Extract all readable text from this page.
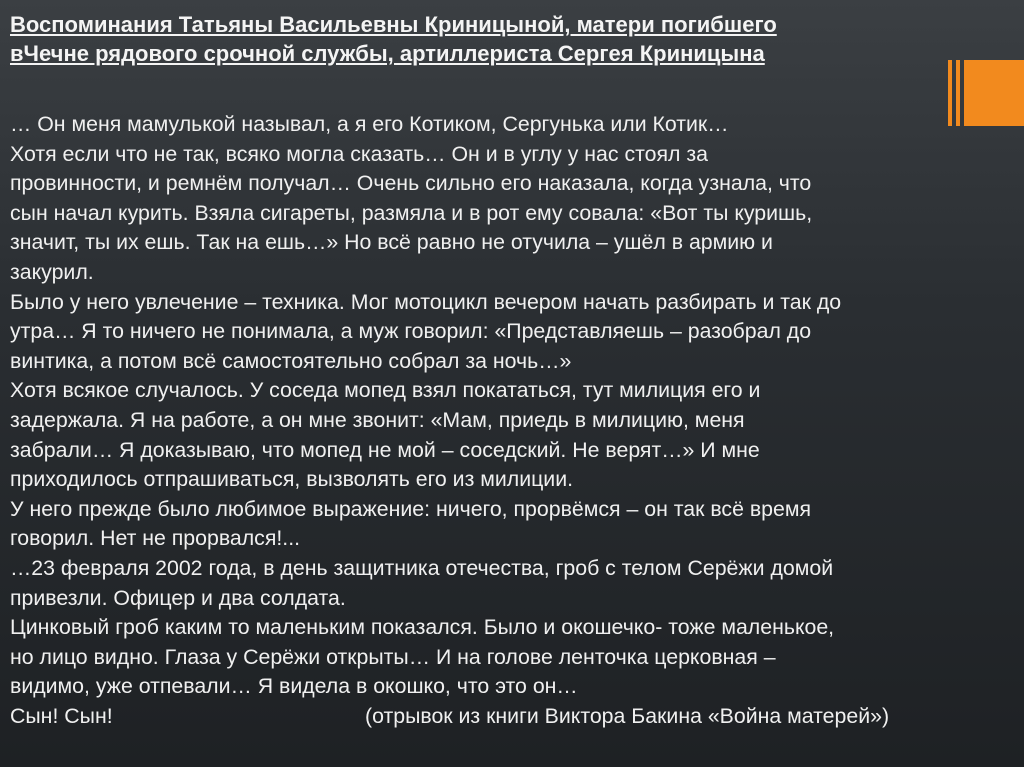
Воспоминания Татьяны Васильевны Криницыной, матери погибшего
вЧечне рядового срочной службы, артиллериста Сергея Криницына
… Он меня мамулькой называл, а я его Котиком, Сергунька или Котик…
Хотя если что не так, всяко могла сказать… Он и в углу у нас стоял за
провинности, и ремнём получал… Очень сильно его наказала, когда узнала, что
сын начал курить. Взяла сигареты, размяла и в рот ему совала: «Вот ты куришь,
значит, ты их ешь. Так на ешь…» Но всё равно не отучила – ушёл в армию и
закурил.
Было у него увлечение – техника. Мог мотоцикл вечером начать разбирать и так до
утра… Я то ничего не понимала, а муж говорил: «Представляешь – разобрал до
винтика, а потом всё самостоятельно собрал за ночь…»
Хотя всякое случалось. У соседа мопед взял покататься, тут милиция его и
задержала. Я на работе, а он мне звонит: «Мам, приедь в милицию, меня
забрали… Я доказываю, что мопед не мой – соседский. Не верят…» И мне
приходилось отпрашиваться, вызволять его из милиции.
У него прежде было любимое выражение: ничего, прорвёмся – он так всё время
говорил. Нет не прорвался!...
…23 февраля 2002 года, в день защитника отечества, гроб с телом Серёжи домой
привезли. Офицер и два солдата.
Цинковый гроб каким то маленьким показался. Было и окошечко- тоже маленькое,
но лицо видно. Глаза у Серёжи открыты… И на голове ленточка церковная –
видимо, уже отпевали… Я видела в окошко, что это он…
Сын! Сын!	(отрывок из книги Виктора Бакина «Война матерей»)
